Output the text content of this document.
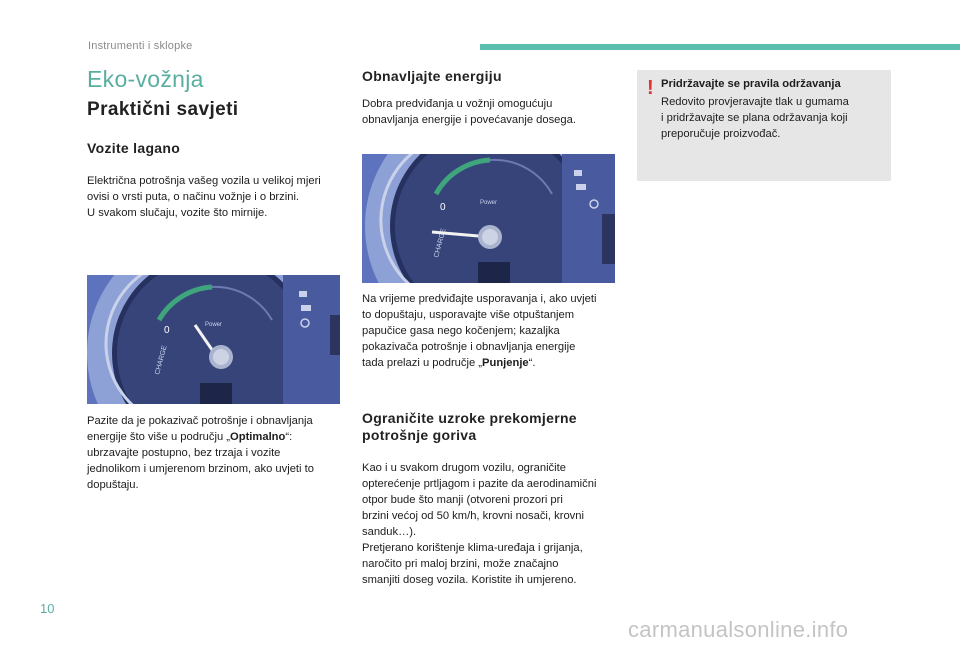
Instrumenti i sklopke
Eko-vožnja
Praktični savjeti
Vozite lagano
Električna potrošnja vašeg vozila u velikoj mjeri
ovisi o vrsti puta, o načinu vožnje i o brzini.
U svakom slučaju, vozite što mirnije.
0	Power
CHARGE
Pazite da je pokazivač potrošnje i obnavljanja
energije što više u području „Optimalno“:
ubrzavajte postupno, bez trzaja i vozite
jednolikom i umjerenom brzinom, ako uvjeti to
dopuštaju.
Obnavljajte energiju
Dobra predviđanja u vožnji omogućuju
obnavljanja energije i povećavanje dosega.
0	Power
CHARGE
Na vrijeme predviđajte usporavanja i, ako uvjeti
to dopuštaju, usporavajte više otpuštanjem
papučice gasa nego kočenjem; kazaljka
pokazivača potrošnje i obnavljanja energije
tada prelazi u područje „Punjenje“.
Ograničite uzroke prekomjerne
potrošnje goriva
Kao i u svakom drugom vozilu, ograničite
opterećenje prtljagom i pazite da aerodinamični
otpor bude što manji (otvoreni prozori pri
brzini većoj od 50 km/h, krovni nosači, krovni
sanduk…).
Pretjerano korištenje klima-uređaja i grijanja,
naročito pri maloj brzini, može značajno
smanjiti doseg vozila. Koristite ih umjereno.
! Pridržavajte se pravila održavanja
Redovito provjeravajte tlak u gumama
i pridržavajte se plana održavanja koji
preporučuje proizvođač.
10
carmanualsonline.info
